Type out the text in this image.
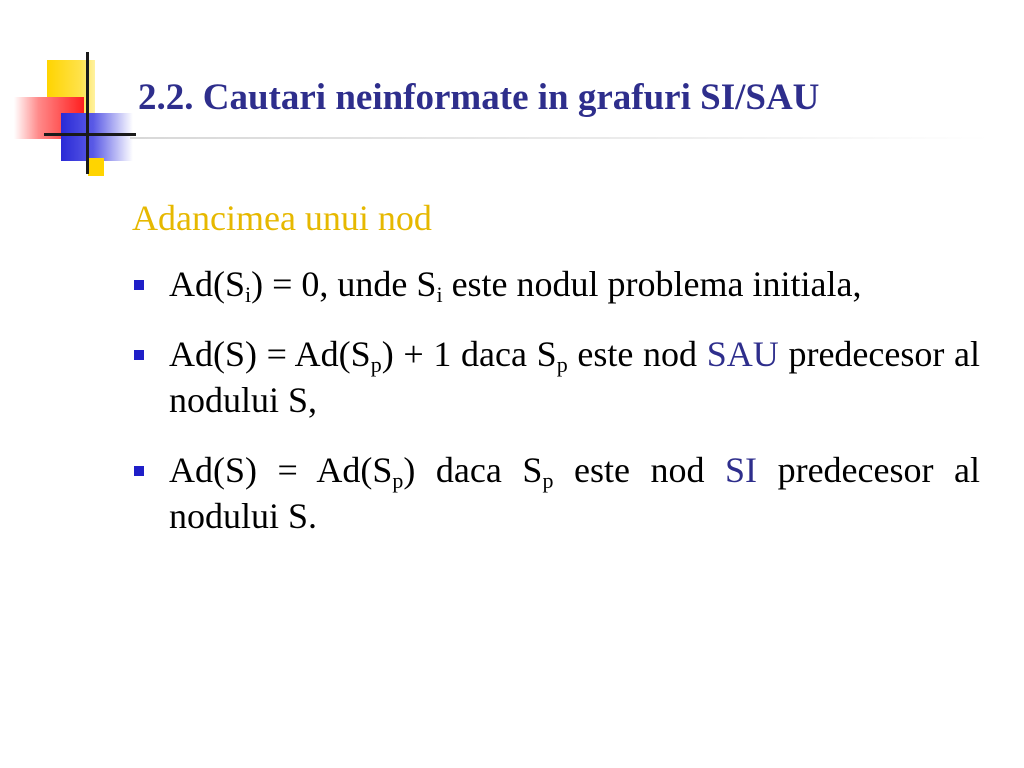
2.2. Cautari neinformate in grafuri SI/SAU
Adancimea unui nod
$Ad(S_i) = 0$, unde $S_i$ este nodul problema initiala,
$Ad(S) = Ad(S_p) + 1$ daca $S_p$ este nod SAU predecesor al nodului S,
$Ad(S) = Ad(S_p)$ daca $S_p$ este nod SI predecesor al nodului S.
